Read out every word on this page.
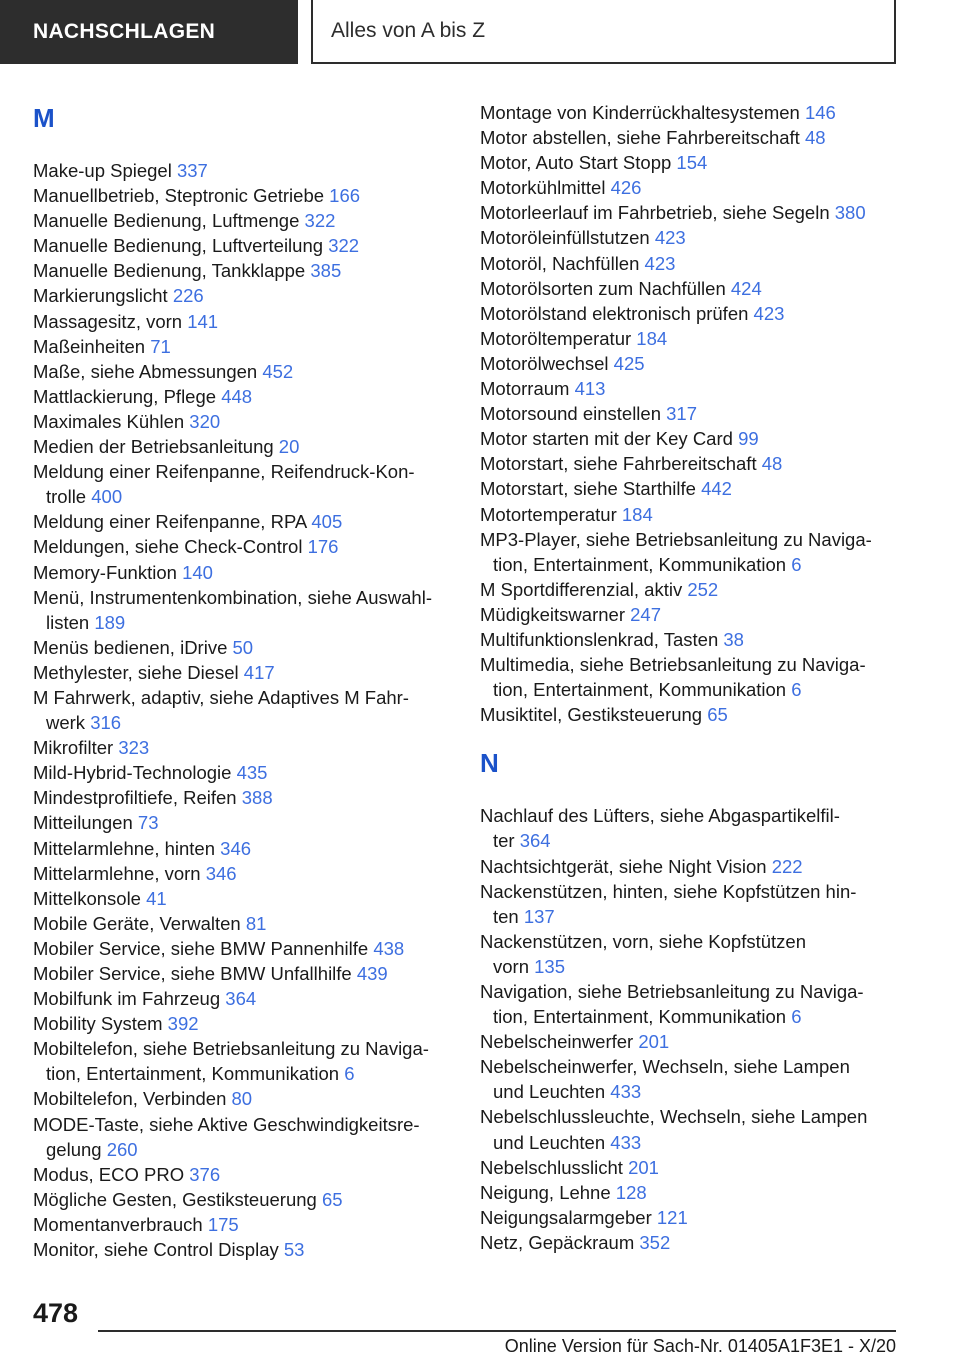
NACHSCHLAGEN	Alles von A bis Z
M
Make-up Spiegel 337
Manuellbetrieb, Steptronic Getriebe 166
Manuelle Bedienung, Luftmenge 322
Manuelle Bedienung, Luftverteilung 322
Manuelle Bedienung, Tankklappe 385
Markierungslicht 226
Massagesitz, vorn 141
Maßeinheiten 71
Maße, siehe Abmessungen 452
Mattlackierung, Pflege 448
Maximales Kühlen 320
Medien der Betriebsanleitung 20
Meldung einer Reifenpanne, Reifendruck-Kon-
trolle 400
Meldung einer Reifenpanne, RPA 405
Meldungen, siehe Check-Control 176
Memory-Funktion 140
Menü, Instrumentenkombination, siehe Auswahl-
listen 189
Menüs bedienen, iDrive 50
Methylester, siehe Diesel 417
M Fahrwerk, adaptiv, siehe Adaptives M Fahr-
werk 316
Mikrofilter 323
Mild-Hybrid-Technologie 435
Mindestprofiltiefe, Reifen 388
Mitteilungen 73
Mittelarmlehne, hinten 346
Mittelarmlehne, vorn 346
Mittelkonsole 41
Mobile Geräte, Verwalten 81
Mobiler Service, siehe BMW Pannenhilfe 438
Mobiler Service, siehe BMW Unfallhilfe 439
Mobilfunk im Fahrzeug 364
Mobility System 392
Mobiltelefon, siehe Betriebsanleitung zu Naviga-
tion, Entertainment, Kommunikation 6
Mobiltelefon, Verbinden 80
MODE-Taste, siehe Aktive Geschwindigkeitsre-
gelung 260
Modus, ECO PRO 376
Mögliche Gesten, Gestiksteuerung 65
Momentanverbrauch 175
Monitor, siehe Control Display 53
Montage von Kinderrückhaltesystemen 146
Motor abstellen, siehe Fahrbereitschaft 48
Motor, Auto Start Stopp 154
Motorkühlmittel 426
Motorleerlauf im Fahrbetrieb, siehe Segeln 380
Motoröleinfüllstutzen 423
Motoröl, Nachfüllen 423
Motorölsorten zum Nachfüllen 424
Motorölstand elektronisch prüfen 423
Motoröltemperatur 184
Motorölwechsel 425
Motorraum 413
Motorsound einstellen 317
Motor starten mit der Key Card 99
Motorstart, siehe Fahrbereitschaft 48
Motorstart, siehe Starthilfe 442
Motortemperatur 184
MP3-Player, siehe Betriebsanleitung zu Naviga-
tion, Entertainment, Kommunikation 6
M Sportdifferenzial, aktiv 252
Müdigkeitswarner 247
Multifunktionslenkrad, Tasten 38
Multimedia, siehe Betriebsanleitung zu Naviga-
tion, Entertainment, Kommunikation 6
Musiktitel, Gestiksteuerung 65
N
Nachlauf des Lüfters, siehe Abgaspartikelfil-
ter 364
Nachtsichtgerät, siehe Night Vision 222
Nackenstützen, hinten, siehe Kopfstützen hin-
ten 137
Nackenstützen, vorn, siehe Kopfstützen
vorn 135
Navigation, siehe Betriebsanleitung zu Naviga-
tion, Entertainment, Kommunikation 6
Nebelscheinwerfer 201
Nebelscheinwerfer, Wechseln, siehe Lampen
und Leuchten 433
Nebelschlussleuchte, Wechseln, siehe Lampen
und Leuchten 433
Nebelschlusslicht 201
Neigung, Lehne 128
Neigungsalarmgeber 121
Netz, Gepäckraum 352
478
Online Version für Sach-Nr. 01405A1F3E1 - X/20
